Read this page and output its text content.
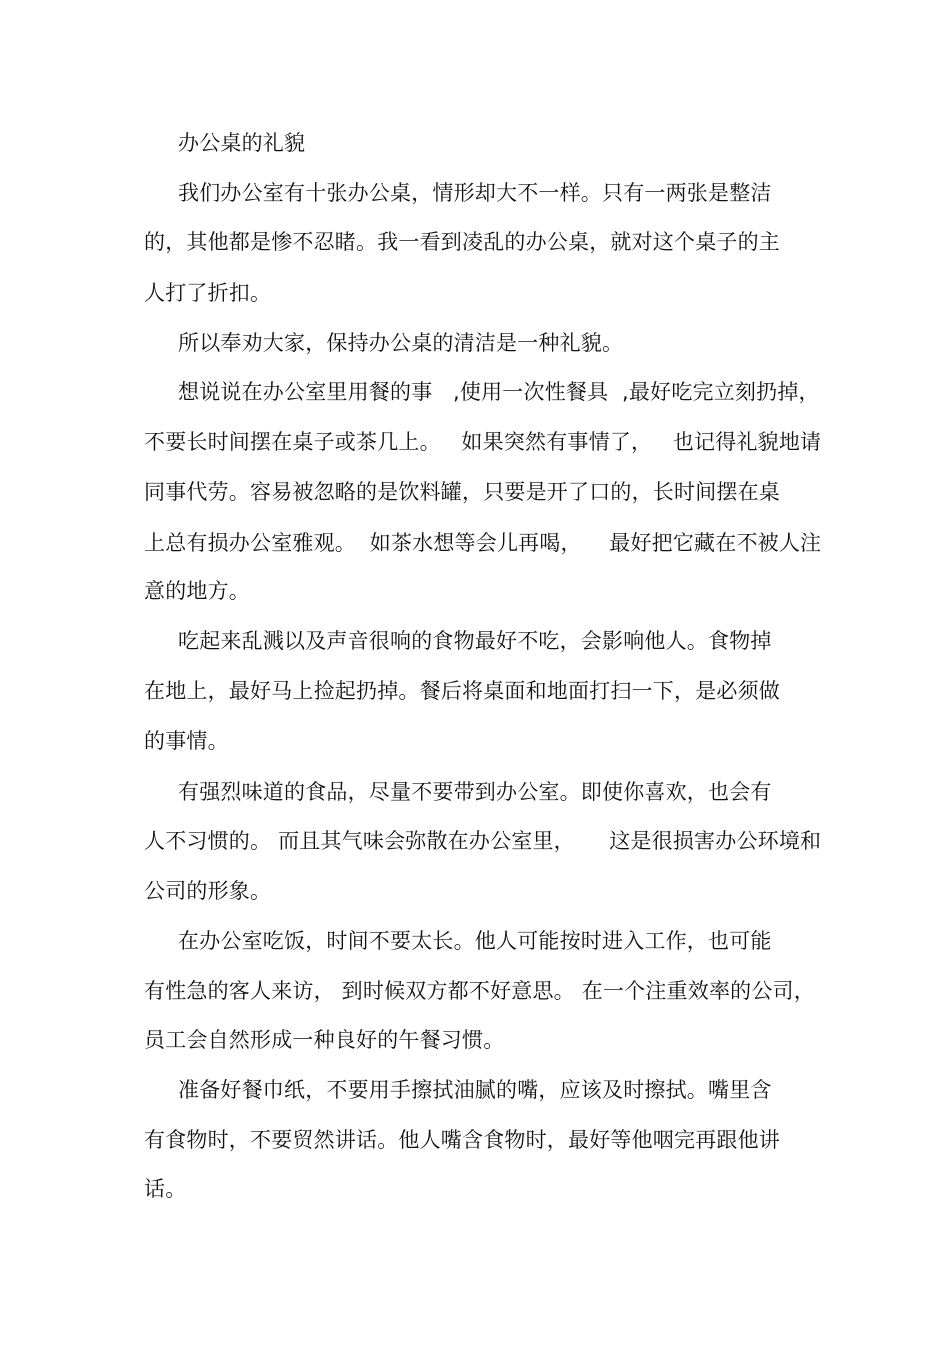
办公桌的礼貌

我们办公室有十张办公桌，情形却大不一样。只有一两张是整洁

的，其他都是惨不忍睹。我一看到凌乱的办公桌，就对这个桌子的主

人打了折扣。

所以奉劝大家，保持办公桌的清洁是一种礼貌。

想说说在办公室里用餐的事   ,使用一次性餐具  ,最好吃完立刻扔掉，

不要长时间摆在桌子或茶几上。   如果突然有事情了，   也记得礼貌地请

同事代劳。容易被忽略的是饮料罐，只要是开了口的，长时间摆在桌

上总有损办公室雅观。  如茶水想等会儿再喝，    最好把它藏在不被人注

意的地方。

吃起来乱溅以及声音很响的食物最好不吃，会影响他人。食物掉

在地上，最好马上捡起扔掉。餐后将桌面和地面打扫一下，是必须做

的事情。

有强烈味道的食品，尽量不要带到办公室。即使你喜欢，也会有

人不习惯的。 而且其气味会弥散在办公室里，     这是很损害办公环境和

公司的形象。

在办公室吃饭，时间不要太长。他人可能按时进入工作，也可能

有性急的客人来访， 到时候双方都不好意思。 在一个注重效率的公司，

员工会自然形成一种良好的午餐习惯。

准备好餐巾纸，不要用手擦拭油腻的嘴，应该及时擦拭。嘴里含

有食物时，不要贸然讲话。他人嘴含食物时，最好等他咽完再跟他讲

话。
